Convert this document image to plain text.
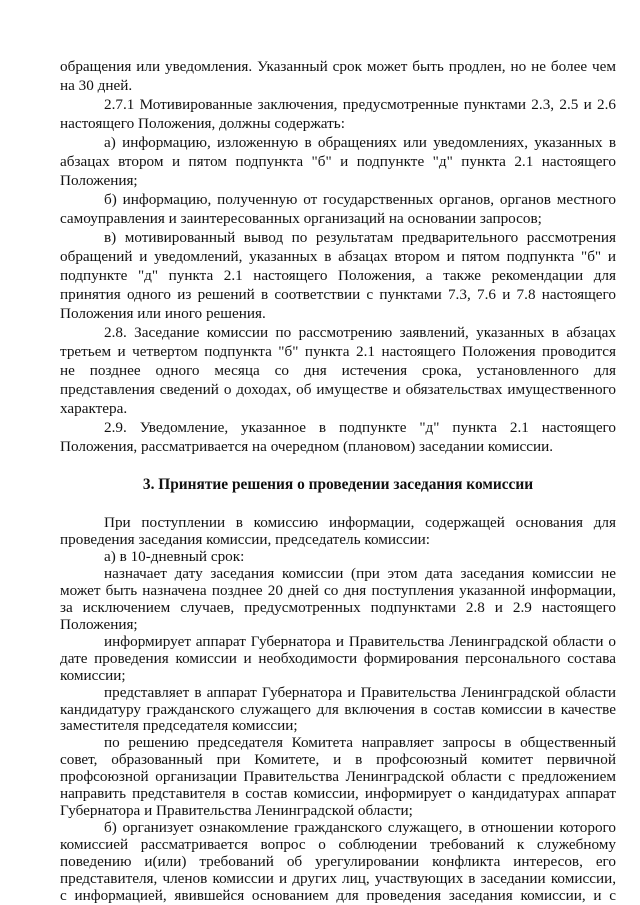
обращения или уведомления. Указанный срок может быть продлен, но не более чем
на 30 дней.
2.7.1 Мотивированные заключения, предусмотренные пунктами 2.3, 2.5 и 2.6
настоящего Положения, должны содержать:
а) информацию, изложенную в обращениях или уведомлениях, указанных в
абзацах втором и пятом подпункта "б" и подпункте "д" пункта 2.1 настоящего
Положения;
б) информацию, полученную от государственных органов, органов местного
самоуправления и заинтересованных организаций на основании запросов;
в) мотивированный вывод по результатам предварительного рассмотрения
обращений и уведомлений, указанных в абзацах втором и пятом подпункта "б" и
подпункте "д" пункта 2.1 настоящего Положения, а также рекомендации для
принятия одного из решений в соответствии с пунктами 7.3, 7.6 и 7.8 настоящего
Положения или иного решения.
2.8. Заседание комиссии по рассмотрению заявлений, указанных в абзацах
третьем и четвертом подпункта "б" пункта 2.1 настоящего Положения проводится
не позднее одного месяца со дня истечения срока, установленного для
представления сведений о доходах, об имуществе и обязательствах имущественного
характера.
2.9. Уведомление, указанное в подпункте "д" пункта 2.1 настоящего
Положения, рассматривается на очередном (плановом) заседании комиссии.
3. Принятие решения о проведении заседания комиссии
При поступлении в комиссию информации, содержащей основания для
проведения заседания комиссии, председатель комиссии:
а) в 10-дневный срок:
назначает дату заседания комиссии (при этом дата заседания комиссии не
может быть назначена позднее 20 дней со дня поступления указанной информации,
за исключением случаев, предусмотренных подпунктами 2.8 и 2.9 настоящего
Положения;
информирует аппарат Губернатора и Правительства Ленинградской области о
дате проведения комиссии и необходимости формирования персонального состава
комиссии;
представляет в аппарат Губернатора и Правительства Ленинградской области
кандидатуру гражданского служащего для включения в состав комиссии в качестве
заместителя председателя комиссии;
по решению председателя Комитета направляет запросы в общественный
совет, образованный при Комитете, и в профсоюзный комитет первичной
профсоюзной организации Правительства Ленинградской области с предложением
направить представителя в состав комиссии, информирует о кандидатурах аппарат
Губернатора и Правительства Ленинградской области;
б) организует ознакомление гражданского служащего, в отношении которого
комиссией рассматривается вопрос о соблюдении требований к служебному
поведению и(или) требований об урегулировании конфликта интересов, его
представителя, членов комиссии и других лиц, участвующих в заседании комиссии,
с информацией, явившейся основанием для проведения заседания комиссии, и с
